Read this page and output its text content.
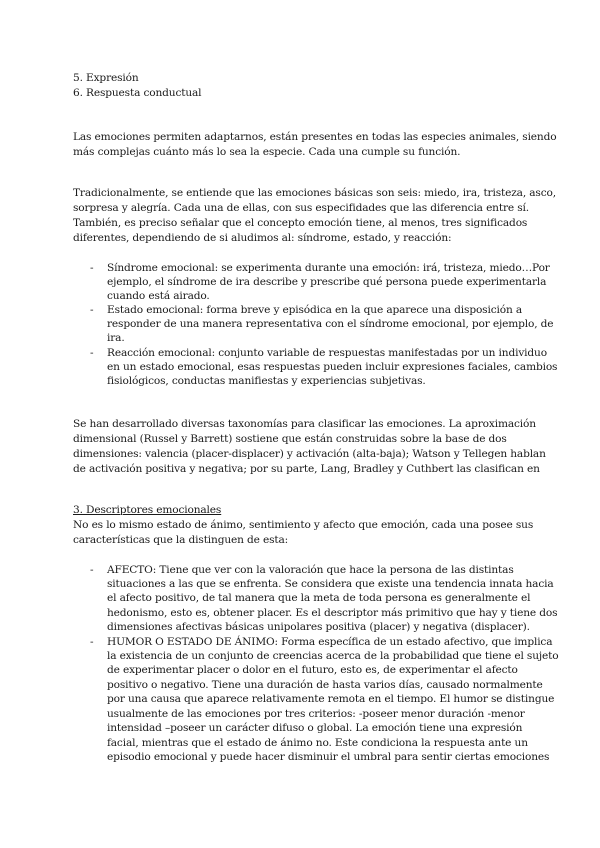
5. Expresión
6. Respuesta conductual
Las emociones permiten adaptarnos, están presentes en todas las especies animales, siendo
más complejas cuánto más lo sea la especie. Cada una cumple su función.
Tradicionalmente, se entiende que las emociones básicas son seis: miedo, ira, tristeza, asco,
sorpresa y alegría. Cada una de ellas, con sus especifidades que las diferencia entre sí.
También, es preciso señalar que el concepto emoción tiene, al menos, tres significados
diferentes, dependiendo de si aludimos al: síndrome, estado, y reacción:
- Síndrome emocional: se experimenta durante una emoción: irá, tristeza, miedo…Por
ejemplo, el síndrome de ira describe y prescribe qué persona puede experimentarla
cuando está airado.
- Estado emocional: forma breve y episódica en la que aparece una disposición a
responder de una manera representativa con el síndrome emocional, por ejemplo, de
ira.
- Reacción emocional: conjunto variable de respuestas manifestadas por un individuo
en un estado emocional, esas respuestas pueden incluir expresiones faciales, cambios
fisiológicos, conductas manifiestas y experiencias subjetivas.
Se han desarrollado diversas taxonomías para clasificar las emociones. La aproximación
dimensional (Russel y Barrett) sostiene que están construidas sobre la base de dos
dimensiones: valencia (placer-displacer) y activación (alta-baja); Watson y Tellegen hablan
de activación positiva y negativa; por su parte, Lang, Bradley y Cuthbert las clasifican en
3. Descriptores emocionales
No es lo mismo estado de ánimo, sentimiento y afecto que emoción, cada una posee sus
características que la distinguen de esta:
- AFECTO: Tiene que ver con la valoración que hace la persona de las distintas
situaciones a las que se enfrenta. Se considera que existe una tendencia innata hacia
el afecto positivo, de tal manera que la meta de toda persona es generalmente el
hedonismo, esto es, obtener placer. Es el descriptor más primitivo que hay y tiene dos
dimensiones afectivas básicas unipolares positiva (placer) y negativa (displacer).
- HUMOR O ESTADO DE ÁNIMO: Forma específica de un estado afectivo, que implica
la existencia de un conjunto de creencias acerca de la probabilidad que tiene el sujeto
de experimentar placer o dolor en el futuro, esto es, de experimentar el afecto
positivo o negativo. Tiene una duración de hasta varios días, causado normalmente
por una causa que aparece relativamente remota en el tiempo. El humor se distingue
usualmente de las emociones por tres criterios: -poseer menor duración -menor
intensidad –poseer un carácter difuso o global. La emoción tiene una expresión
facial, mientras que el estado de ánimo no. Este condiciona la respuesta ante un
episodio emocional y puede hacer disminuir el umbral para sentir ciertas emociones
